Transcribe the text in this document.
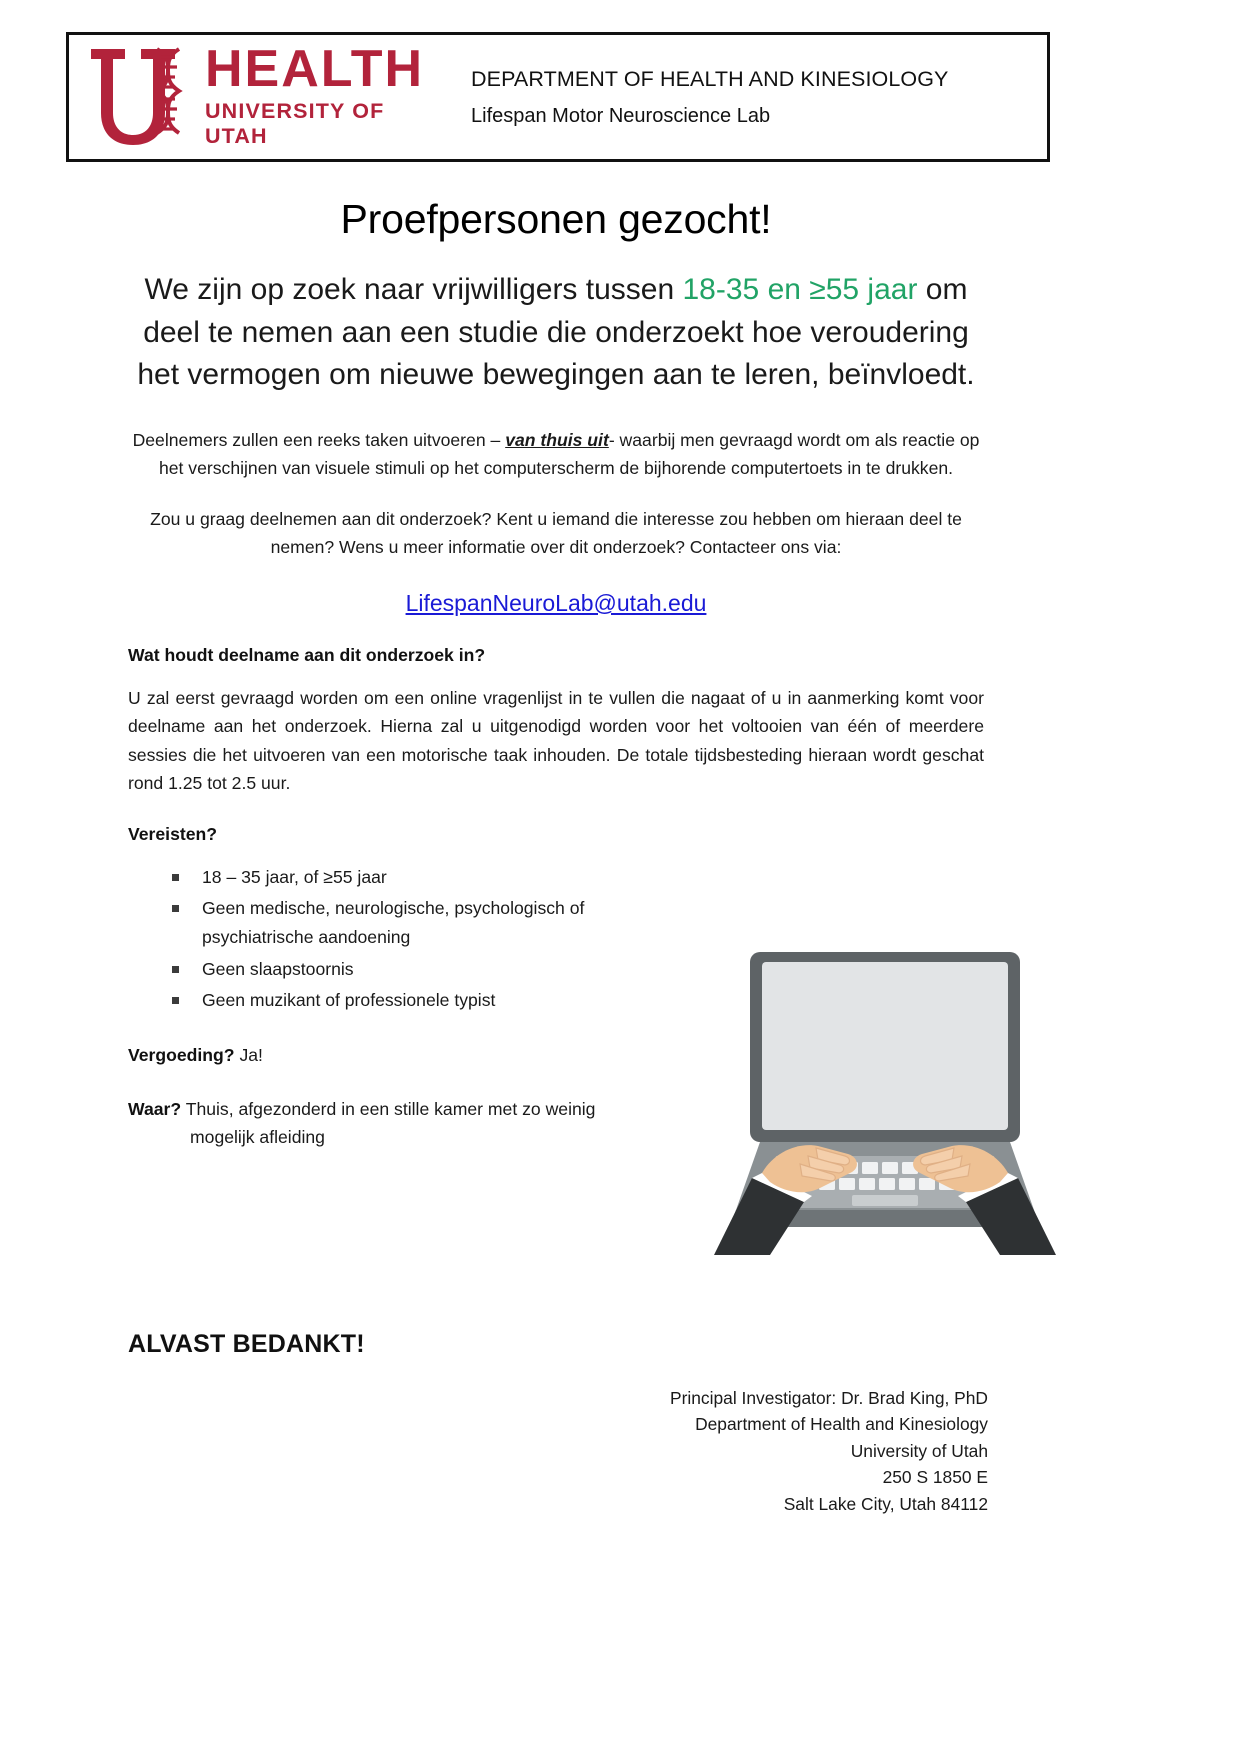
HEALTH
UNIVERSITY OF UTAH
DEPARTMENT OF HEALTH AND KINESIOLOGY
Lifespan Motor Neuroscience Lab
Proefpersonen gezocht!
We zijn op zoek naar vrijwilligers tussen 18-35 en ≥55 jaar om deel te nemen aan een studie die onderzoekt hoe veroudering het vermogen om nieuwe bewegingen aan te leren, beïnvloedt.

Deelnemers zullen een reeks taken uitvoeren – van thuis uit- waarbij men gevraagd wordt om als reactie op het verschijnen van visuele stimuli op het computerscherm de bijhorende computertoets in te drukken.

Zou u graag deelnemen aan dit onderzoek? Kent u iemand die interesse zou hebben om hieraan deel te nemen? Wens u meer informatie over dit onderzoek? Contacteer ons via:

LifespanNeuroLab@utah.edu
Wat houdt deelname aan dit onderzoek in?

U zal eerst gevraagd worden om een online vragenlijst in te vullen die nagaat of u in aanmerking komt voor deelname aan het onderzoek. Hierna zal u uitgenodigd worden voor het voltooien van één of meerdere sessies die het uitvoeren van een motorische taak inhouden. De totale tijdsbesteding hieraan wordt geschat rond 1.25 tot 2.5 uur.

Vereisten?
18 – 35 jaar, of ≥55 jaar
Geen medische, neurologische, psychologisch of psychiatrische aandoening
Geen slaapstoornis
Geen muzikant of professionele typist
Vergoeding? Ja!
Waar? Thuis, afgezonderd in een stille kamer met zo weinig
mogelijk afleiding
ALVAST BEDANKT!
Principal Investigator: Dr. Brad King, PhD
Department of Health and Kinesiology
University of Utah
250 S 1850 E
Salt Lake City, Utah 84112
